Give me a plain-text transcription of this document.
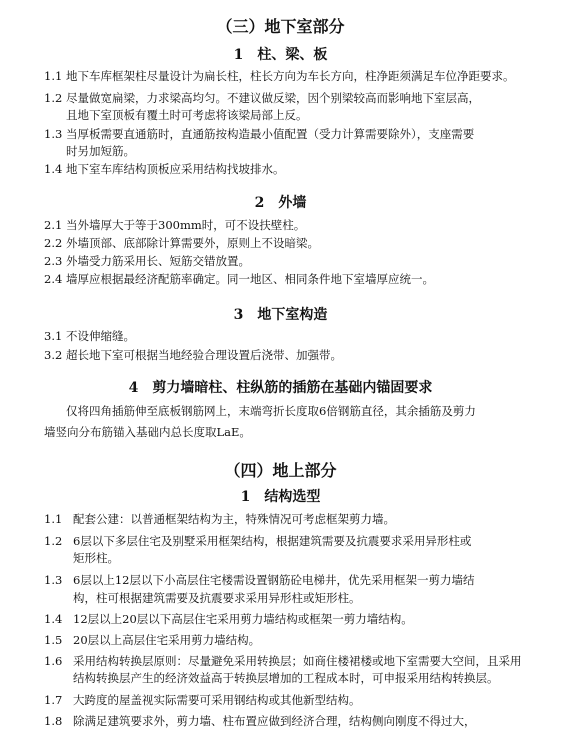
（三）地下室部分
1　柱、梁、板
1.1 地下车库框架柱尽量设计为扁长柱，柱长方向为车长方向，柱净距须满足车位净距要求。
1.2 尽量做宽扁梁，力求梁高均匀。不建议做反梁，因个别梁较高而影响地下室层高，
且地下室顶板有覆土时可考虑将该梁局部上反。
1.3 当厚板需要直通筋时，直通筋按构造最小值配置（受力计算需要除外），支座需要
时另加短筋。
1.4 地下室车库结构顶板应采用结构找坡排水。
2　外墙
2.1 当外墙厚大于等于300mm时，可不设扶壁柱。
2.2 外墙顶部、底部除计算需要外，原则上不设暗梁。
2.3 外墙受力筋采用长、短筋交错放置。
2.4 墙厚应根据最经济配筋率确定。同一地区、相同条件地下室墙厚应统一。
3　地下室构造
3.1 不设伸缩缝。
3.2 超长地下室可根据当地经验合理设置后浇带、加强带。
4　剪力墙暗柱、柱纵筋的插筋在基础内锚固要求
仅将四角插筋伸至底板钢筋网上，末端弯折长度取6倍钢筋直径，其余插筋及剪力
墙竖向分布筋锚入基础内总长度取LaE。
（四）地上部分
1　结构选型
1.1 配套公建：以普通框架结构为主，特殊情况可考虑框架剪力墙。
1.2 6层以下多层住宅及别墅采用框架结构，根据建筑需要及抗震要求采用异形柱或
矩形柱。
1.3 6层以上12层以下小高层住宅楼需设置钢筋砼电梯井，优先采用框架一剪力墙结
构，柱可根据建筑需要及抗震要求采用异形柱或矩形柱。
1.4 12层以上20层以下高层住宅采用剪力墙结构或框架一剪力墙结构。
1.5 20层以上高层住宅采用剪力墙结构。
1.6 采用结构转换层原则：尽量避免采用转换层；如商住楼裙楼或地下室需要大空间，且采用
结构转换层产生的经济效益高于转换层增加的工程成本时，可申报采用结构转换层。
1.7 大跨度的屋盖视实际需要可采用钢结构或其他新型结构。
1.8 除满足建筑要求外，剪力墙、柱布置应做到经济合理，结构侧向刚度不得过大，
